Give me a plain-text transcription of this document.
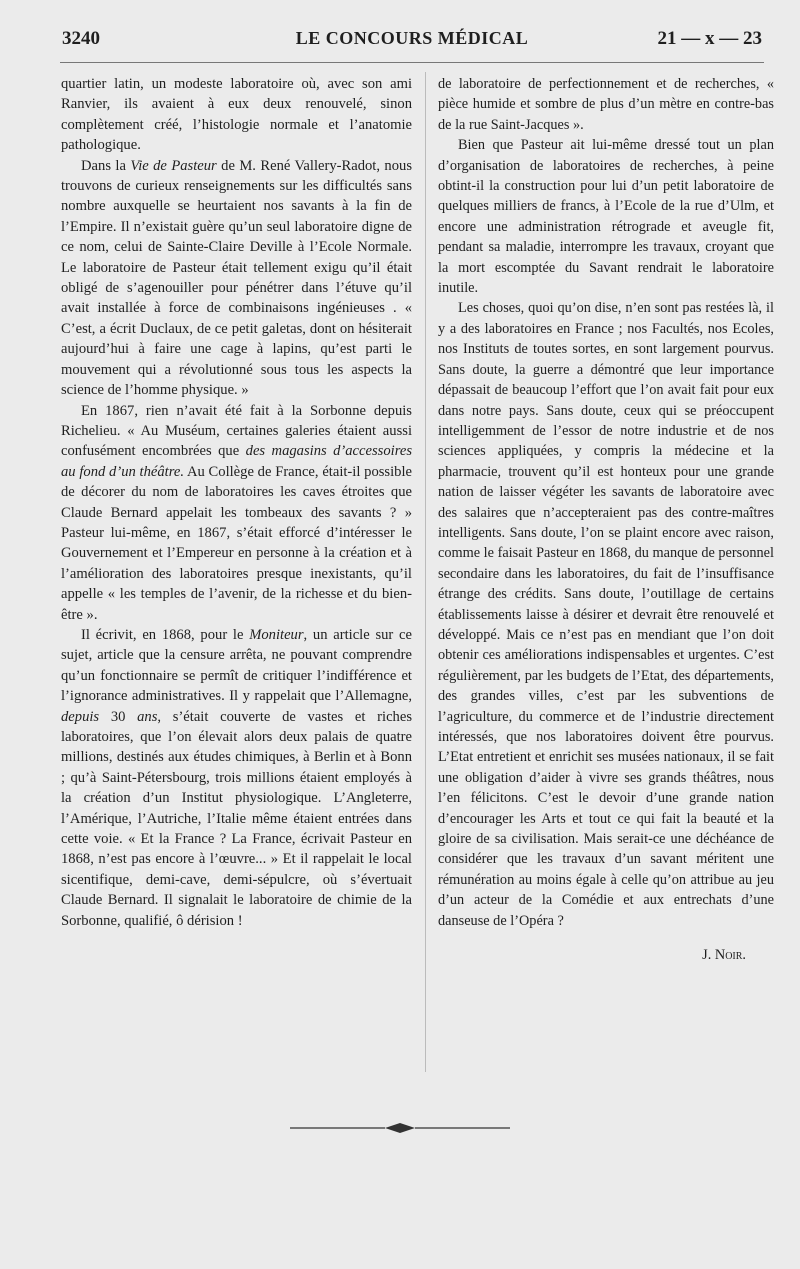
3240	LE CONCOURS MÉDICAL	21 — x — 23

quartier latin, un modeste laboratoire où, avec son ami Ranvier, ils avaient à eux deux renouvelé, sinon complètement créé, l’histologie normale et l’anatomie pathologique.

Dans la Vie de Pasteur de M. René Vallery-Radot, nous trouvons de curieux renseignements sur les difficultés sans nombre auxquelle se heurtaient nos savants à la fin de l’Empire. Il n’existait guère qu’un seul laboratoire digne de ce nom, celui de Sainte-Claire Deville à l’Ecole Normale. Le laboratoire de Pasteur était tellement exigu qu’il était obligé de s’agenouiller pour pénétrer dans l’étuve qu’il avait installée à force de combinaisons ingénieuses . « C’est, a écrit Duclaux, de ce petit galetas, dont on hésiterait aujourd’hui à faire une cage à lapins, qu’est parti le mouvement qui a révolutionné sous tous les aspects la science de l’homme physique. »

En 1867, rien n’avait été fait à la Sorbonne depuis Richelieu. « Au Muséum, certaines galeries étaient aussi confusément encombrées que des magasins d’accessoires au fond d’un théâtre. Au Collège de France, était-il possible de décorer du nom de laboratoires les caves étroites que Claude Bernard appelait les tombeaux des savants ? » Pasteur lui-même, en 1867, s’était efforcé d’intéresser le Gouvernement et l’Empereur en personne à la création et à l’amélioration des laboratoires presque inexistants, qu’il appelle « les temples de l’avenir, de la richesse et du bien-être ».

Il écrivit, en 1868, pour le Moniteur, un article sur ce sujet, article que la censure arrêta, ne pouvant comprendre qu’un fonctionnaire se permît de critiquer l’indifférence et l’ignorance administratives. Il y rappelait que l’Allemagne, depuis 30 ans, s’était couverte de vastes et riches laboratoires, que l’on élevait alors deux palais de quatre millions, destinés aux études chimiques, à Berlin et à Bonn ; qu’à Saint-Pétersbourg, trois millions étaient employés à la création d’un Institut physiologique. L’Angleterre, l’Amérique, l’Autriche, l’Italie même étaient entrées dans cette voie. « Et la France ? La France, écrivait Pasteur en 1868, n’est pas encore à l’œuvre... » Et il rappelait le local sicentifique, demi-cave, demi-sépulcre, où s’évertuait Claude Bernard. Il signalait le laboratoire de chimie de la Sorbonne, qualifié, ô dérision !

de laboratoire de perfectionnement et de recherches, « pièce humide et sombre de plus d’un mètre en contre-bas de la rue Saint-Jacques ».

Bien que Pasteur ait lui-même dressé tout un plan d’organisation de laboratoires de recherches, à peine obtint-il la construction pour lui d’un petit laboratoire de quelques milliers de francs, à l’Ecole de la rue d’Ulm, et encore une administration rétrograde et aveugle fit, pendant sa maladie, interrompre les travaux, croyant que la mort escomptée du Savant rendrait le laboratoire inutile.

Les choses, quoi qu’on dise, n’en sont pas restées là, il y a des laboratoires en France ; nos Facultés, nos Ecoles, nos Instituts de toutes sortes, en sont largement pourvus. Sans doute, la guerre a démontré que leur importance dépassait de beaucoup l’effort que l’on avait fait pour eux dans notre pays. Sans doute, ceux qui se préoccupent intelligemment de l’essor de notre industrie et de nos sciences appliquées, y compris la médecine et la pharmacie, trouvent qu’il est honteux pour une grande nation de laisser végéter les savants de laboratoire avec des salaires que n’accepteraient pas des contre-maîtres intelligents. Sans doute, l’on se plaint encore avec raison, comme le faisait Pasteur en 1868, du manque de personnel secondaire dans les laboratoires, du fait de l’insuffisance étrange des crédits. Sans doute, l’outillage de certains établissements laisse à désirer et devrait être renouvelé et développé. Mais ce n’est pas en mendiant que l’on doit obtenir ces améliorations indispensables et urgentes. C’est régulièrement, par les budgets de l’Etat, des départements, des grandes villes, c’est par les subventions de l’agriculture, du commerce et de l’industrie directement intéressés, que nos laboratoires doivent être pourvus. L’Etat entretient et enrichit ses musées nationaux, il se fait une obligation d’aider à vivre ses grands théâtres, nous l’en félicitons. C’est le devoir d’une grande nation d’encourager les Arts et tout ce qui fait la beauté et la gloire de sa civilisation. Mais serait-ce une déchéance de considérer que les travaux d’un savant méritent une rémunération au moins égale à celle qu’on attribue au jeu d’un acteur de la Comédie et aux entrechats d’une danseuse de l’Opéra ?

J. Noir.
